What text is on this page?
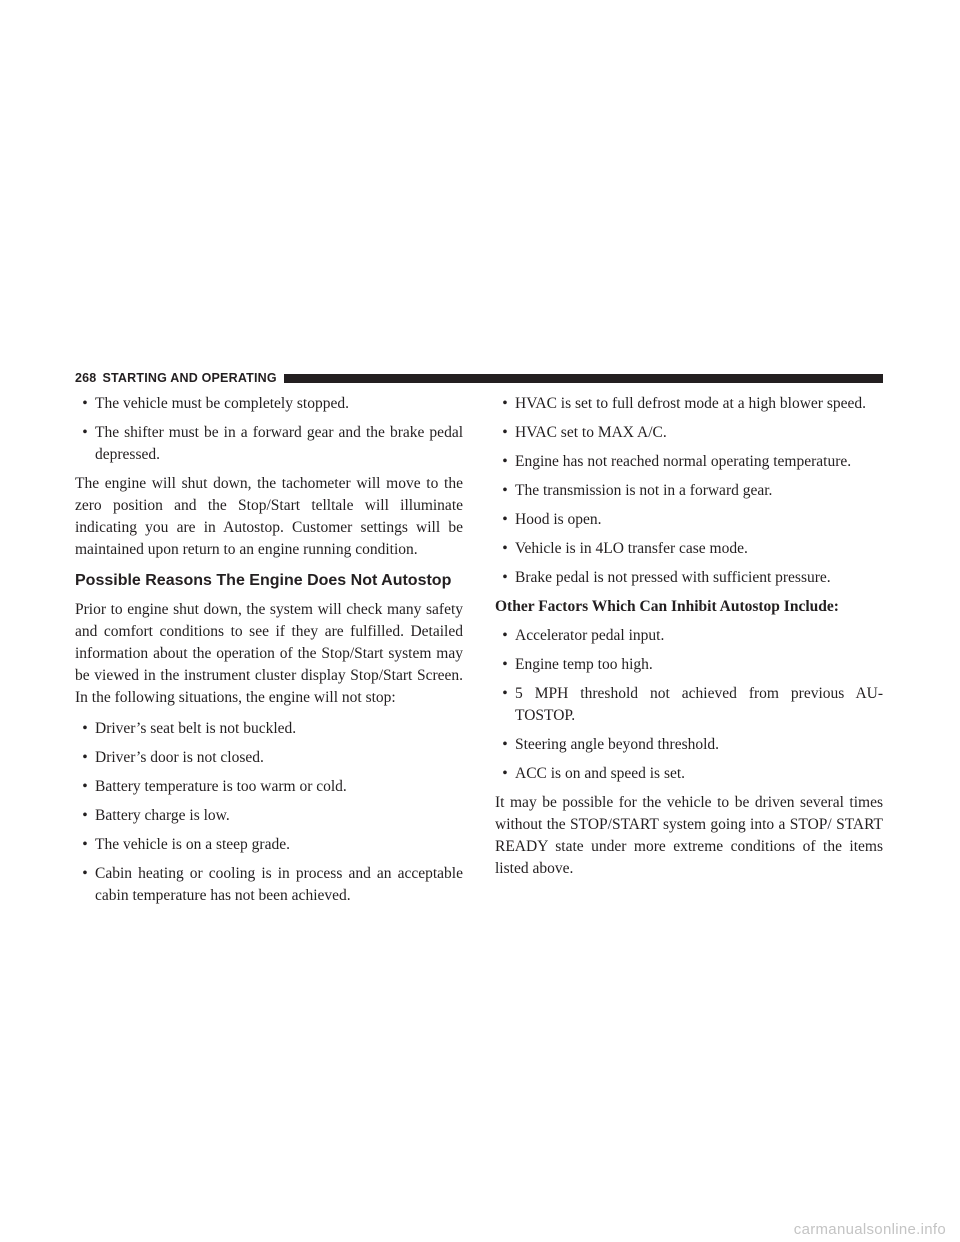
268 STARTING AND OPERATING
•
The vehicle must be completely stopped.
•
The shifter must be in a forward gear and the brake pedal depressed.

The engine will shut down, the tachometer will move to the zero position and the Stop/Start telltale will illuminate indicating you are in Autostop. Customer settings will be maintained upon return to an engine running condition.

Possible Reasons The Engine Does Not Autostop

Prior to engine shut down, the system will check many safety and comfort conditions to see if they are fulfilled. Detailed information about the operation of the Stop/Start system may be viewed in the instrument cluster display Stop/Start Screen. In the following situations, the engine will not stop:

•
Driver’s seat belt is not buckled.
•
Driver’s door is not closed.
•
Battery temperature is too warm or cold.
•
Battery charge is low.
•
The vehicle is on a steep grade.
•
Cabin heating or cooling is in process and an acceptable cabin temperature has not been achieved.
•
HVAC is set to full defrost mode at a high blower speed.
•
HVAC set to MAX A/C.
•
Engine has not reached normal operating temperature.
•
The transmission is not in a forward gear.
•
Hood is open.
•
Vehicle is in 4LO transfer case mode.
•
Brake pedal is not pressed with sufficient pressure.

Other Factors Which Can Inhibit Autostop Include:

•
Accelerator pedal input.
•
Engine temp too high.
•
5 MPH threshold not achieved from previous AU-TOSTOP.
•
Steering angle beyond threshold.
•
ACC is on and speed is set.

It may be possible for the vehicle to be driven several times without the STOP/START system going into a STOP/ START READY state under more extreme conditions of the items listed above.

carmanualsonline.info
